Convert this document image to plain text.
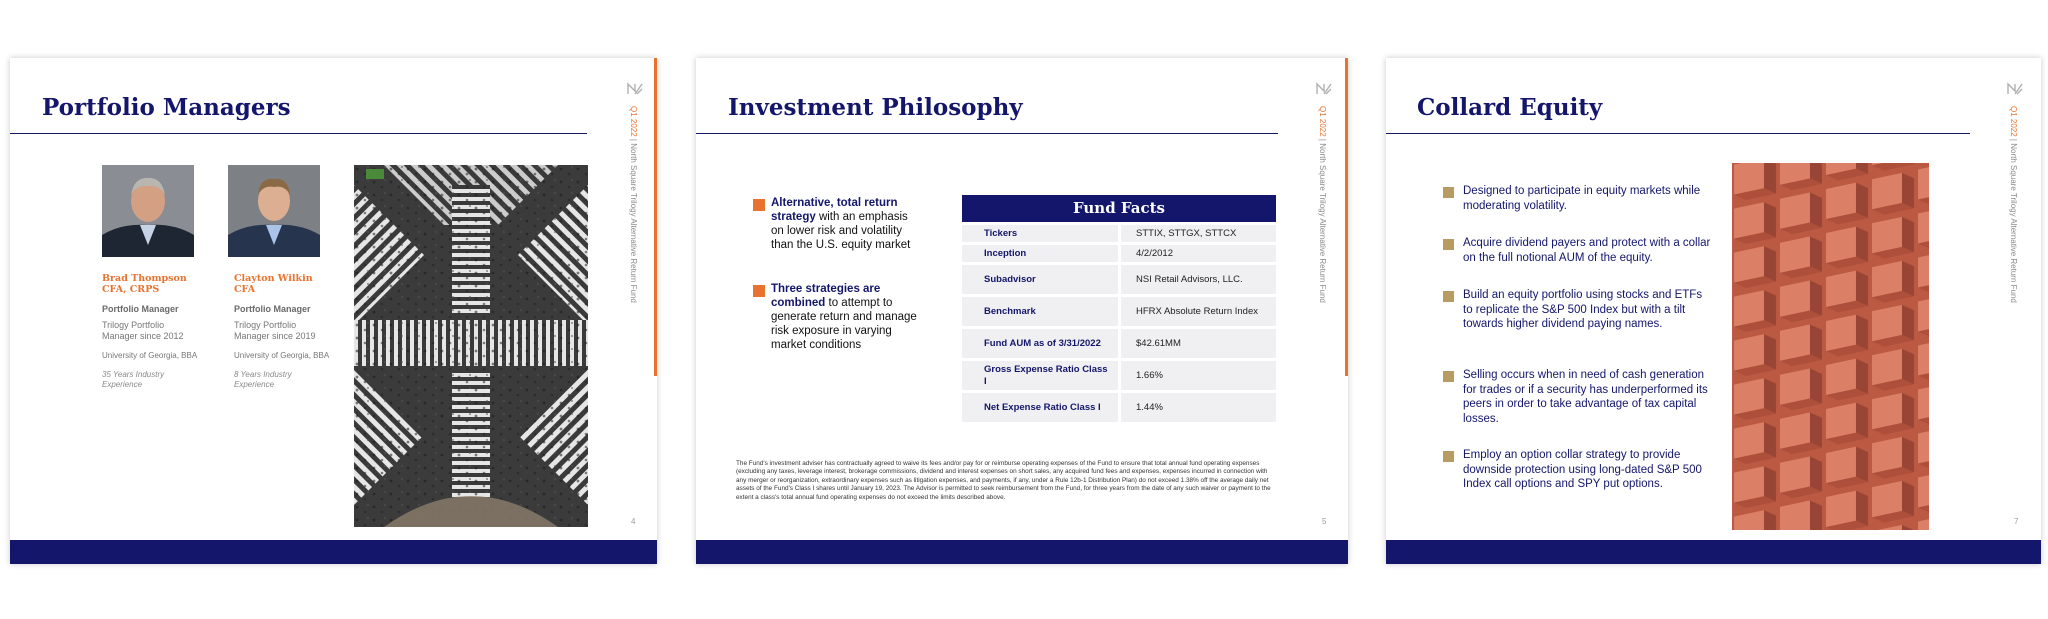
Portfolio Managers	Q1 2022 | North Square Trilogy Alternative Return Fund
Brad Thompson
CFA, CRPS
Portfolio Manager
Trilogy Portfolio
Manager since 2012
University of Georgia, BBA
35 Years Industry
Experience
Clayton Wilkin
CFA
Portfolio Manager
Trilogy Portfolio
Manager since 2019
University of Georgia, BBA
8 Years Industry
Experience
4
Investment Philosophy	Q1 2022 | North Square Trilogy Alternative Return Fund
Alternative, total return strategy with an emphasis on lower risk and volatility than the U.S. equity market
Three strategies are combined to attempt to generate return and manage risk exposure in varying market conditions
Fund Facts
Tickers	STTIX, STTGX, STTCX
Inception	4/2/2012
Subadvisor	NSI Retail Advisors, LLC.
Benchmark	HFRX Absolute Return Index
Fund AUM as of 3/31/2022	$42.61MM
Gross Expense Ratio Class I	1.66%
Net Expense Ratio Class I	1.44%
The Fund's investment adviser has contractually agreed to waive its fees and/or pay for or reimburse operating expenses of the Fund to ensure that total annual fund operating expenses (excluding any taxes, leverage interest, brokerage commissions, dividend and interest expenses on short sales, any acquired fund fees and expenses, expenses incurred in connection with any merger or reorganization, extraordinary expenses such as litigation expenses, and payments, if any, under a Rule 12b-1 Distribution Plan) do not exceed 1.38% off the average daily net assets of the Fund's Class I shares until January 19, 2023. The Advisor is permitted to seek reimbursement from the Fund, for three years from the date of any such waiver or payment to the extent a class's total annual fund operating expenses do not exceed the limits described above.
5
Collard Equity	Q1 2022 | North Square Trilogy Alternative Return Fund
Designed to participate in equity markets while moderating volatility.
Acquire dividend payers and protect with a collar on the full notional AUM of the equity.
Build an equity portfolio using stocks and ETFs to replicate the S&P 500 Index but with a tilt towards higher dividend paying names.
Selling occurs when in need of cash generation for trades or if a security has underperformed its peers in order to take advantage of tax capital losses.
Employ an option collar strategy to provide downside protection using long-dated S&P 500 Index call options and SPY put options.
7
